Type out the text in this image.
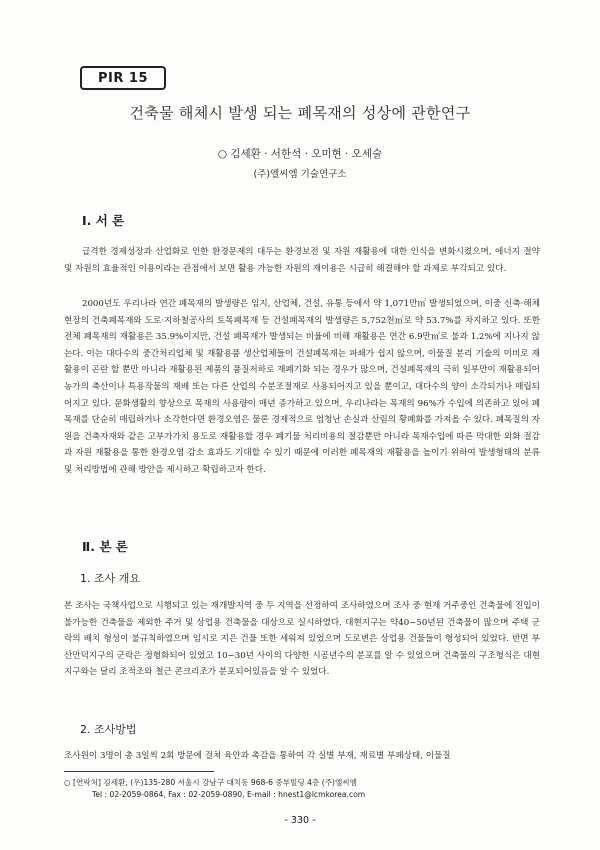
PIR 15
건축물 해체시 발생 되는 폐목재의 성상에 관한연구
○ 김세환 · 서한석 · 오미현 · 오세술
(주)엘씨엠 기술연구소
Ⅰ. 서 론

급격한 경제성장과 산업화로 인한 환경문제의 대두는 환경보전 및 자원 재활용에 대한 인식을 변화시켰으며, 에너지 절약 및 자원의 효율적인 이용이라는 관점에서 보면 활용 가능한 자원의 재이용은 시급히 해결해야 할 과제로 부각되고 있다.

2000년도 우리나라 연간 폐목재의 발생량은 임지, 산업체, 건설, 유통 등에서 약 1,071만㎥ 발생되었으며, 이중 신축·해체현장의 건축폐목재와 도로·지하철공사의 토목폐목재 등 건설폐목재의 발생량은 5,752천㎥로 약 53.7%를 차지하고 있다. 또한 전체 폐목재의 재활용은 35.9%이지만, 건설 폐목재가 발생되는 비율에 비해 재활용은 연간 6.9만㎥로 불과 1.2%에 지나지 않는다. 이는 대다수의 중간처리업체 및 재활용품 생산업체들이 건설폐목재는 파쇄가 쉽지 않으며, 이물질 분리 기술의 미비로 재활용이 곤란 할 뿐만 아니라 재활용된 제품의 품질저하로 재폐기화 되는 경우가 많으며, 건설폐목재의 극히 일부만이 재활용되어 농가의 축산이나 특용작물의 재배 또는 다른 산업의 수분조절재로 사용되어지고 있을 뿐이고, 대다수의 양이 소각되거나 매립되어지고 있다. 문화생활의 향상으로 목재의 사용량이 매년 증가하고 있으며, 우리나라는 목재의 96%가 수입에 의존하고 있어 폐목재를 단순히 매립하거나 소각한다면 환경오염은 물론 경제적으로 엄청난 손실과 산림의 황폐화를 가져올 수 있다. 폐목질의 자원을 건축자재와 같은 고부가가치 용도로 재활용할 경우 폐기물 처리비용의 절감뿐만 아니라 목재수입에 따른 막대한 외화 절감과 자원 재활용을 통한 환경오염 감소 효과도 기대할 수 있기 때문에 이러한 폐목재의 재활용을 높이기 위하여 발생형태의 분류 및 처리방법에 관해 방안을 제시하고 확립하고자 한다.

Ⅱ. 본 론
1. 조사 개요

본 조사는 국책사업으로 시행되고 있는 재개발지역 중 두 지역을 선정하여 조사하였으며 조사 중 현재 거주중인 건축물에 진입이 불가능한 건축물을 제외한 주거 및 상업용 건축물을 대상으로 실시하였다. 대현지구는 약40~50년된 건축물이 많으며 주택 군락의 배치 형성이 불규칙하였으며 임시로 지은 건물 또한 세워져 있었으며 도로변은 상업용 건물들이 형성되어 있었다. 반면 부산만덕지구의 군락은 정형화되어 있었고 10~30년 사이의 다양한 시공년수의 분포를 알 수 있었으며 건축물의 구조형식은 대현지구와는 달리 조적조와 철근 콘크리조가 분포되어있음을 알 수 있었다.

2. 조사방법

조사원이 3명이 총 3일씩 2회 방문에 걸쳐 육안과 촉감을 통하여 각 실별 부재, 재료별 부패상태, 이물질

○ [연락처] 김세환, (우)135-280 서울시 강남구 대치동 968-6 중부빌딩 4층 (주)엘씨엠
Tel : 02-2059-0864, Fax : 02-2059-0890, E-mail : hnest1@lcmkorea.com
- 330 -
